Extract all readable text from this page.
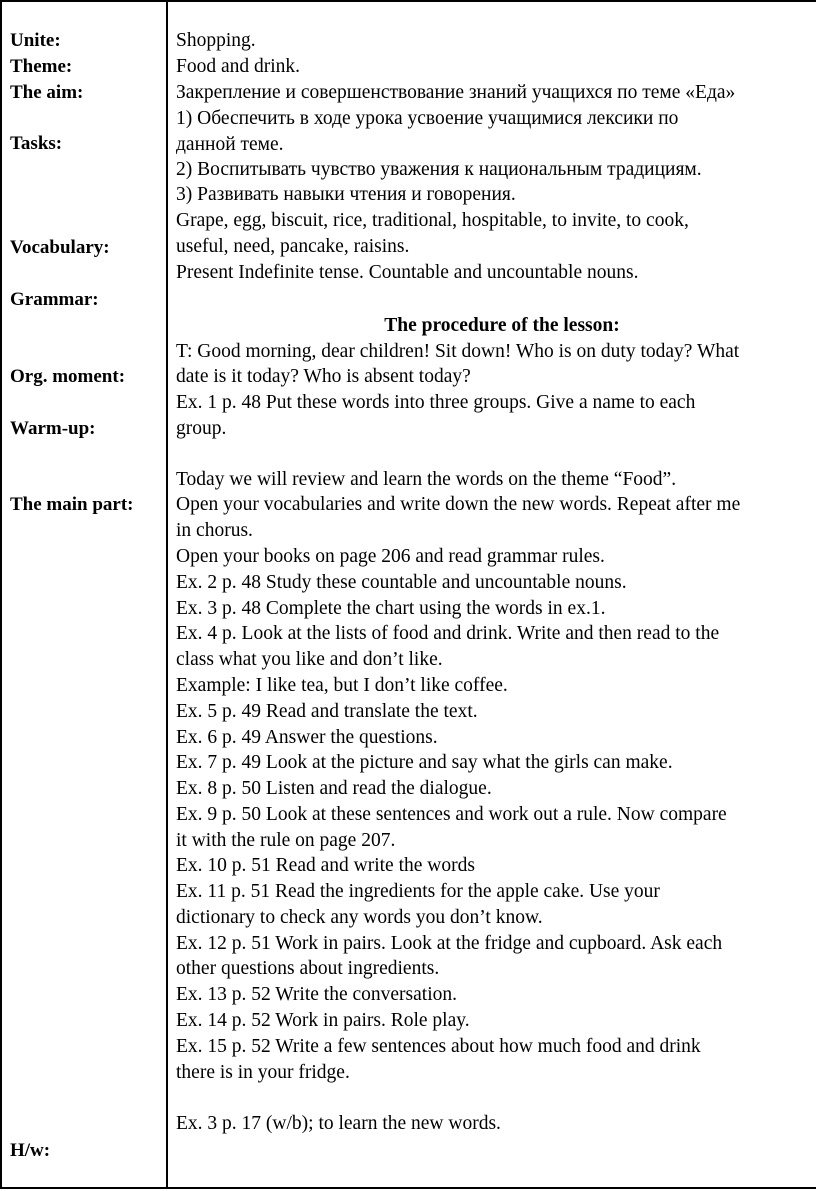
Unite:
Theme:
The aim:
Tasks:
Vocabulary:
Grammar:
Org. moment:
Warm-up:
The main part:
H/w:
Shopping.
Food and drink.
Закрепление и совершенствование знаний учащихся по теме «Еда»
1) Обеспечить в ходе урока усвоение учащимися лексики по
данной теме.
2) Воспитывать чувство уважения к национальным традициям.
3) Развивать навыки чтения и говорения.
Grape, egg, biscuit, rice, traditional, hospitable, to invite, to cook,
useful, need, pancake, raisins.
Present Indefinite tense. Countable and uncountable nouns.
The procedure of the lesson:
T: Good morning, dear children! Sit down! Who is on duty today? What
date is it today? Who is absent today?
Ex. 1 p. 48 Put these words into three groups. Give a name to each
group.
Today we will review and learn the words on the theme “Food”.
Open your vocabularies and write down the new words. Repeat after me
in chorus.
Open your books on page 206 and read grammar rules.
Ex. 2 p. 48 Study these countable and uncountable nouns.
Ex. 3 p. 48 Complete the chart using the words in ex.1.
Ex. 4 p. Look at the lists of food and drink. Write and then read to the
class what you like and don’t like.
Example: I like tea, but I don’t like coffee.
Ex. 5 p. 49 Read and translate the text.
Ex. 6 p. 49 Answer the questions.
Ex. 7 p. 49 Look at the picture and say what the girls can make.
Ex. 8 p. 50 Listen and read the dialogue.
Ex. 9 p. 50 Look at these sentences and work out a rule. Now compare
it with the rule on page 207.
Ex. 10 p. 51 Read and write the words
Ex. 11 p. 51 Read the ingredients for the apple cake. Use your
dictionary to check any words you don’t know.
Ex. 12 p. 51 Work in pairs. Look at the fridge and cupboard. Ask each
other questions about ingredients.
Ex. 13 p. 52 Write the conversation.
Ex. 14 p. 52 Work in pairs. Role play.
Ex. 15 p. 52 Write a few sentences about how much food and drink
there is in your fridge.
Ex. 3 p. 17 (w/b); to learn the new words.
